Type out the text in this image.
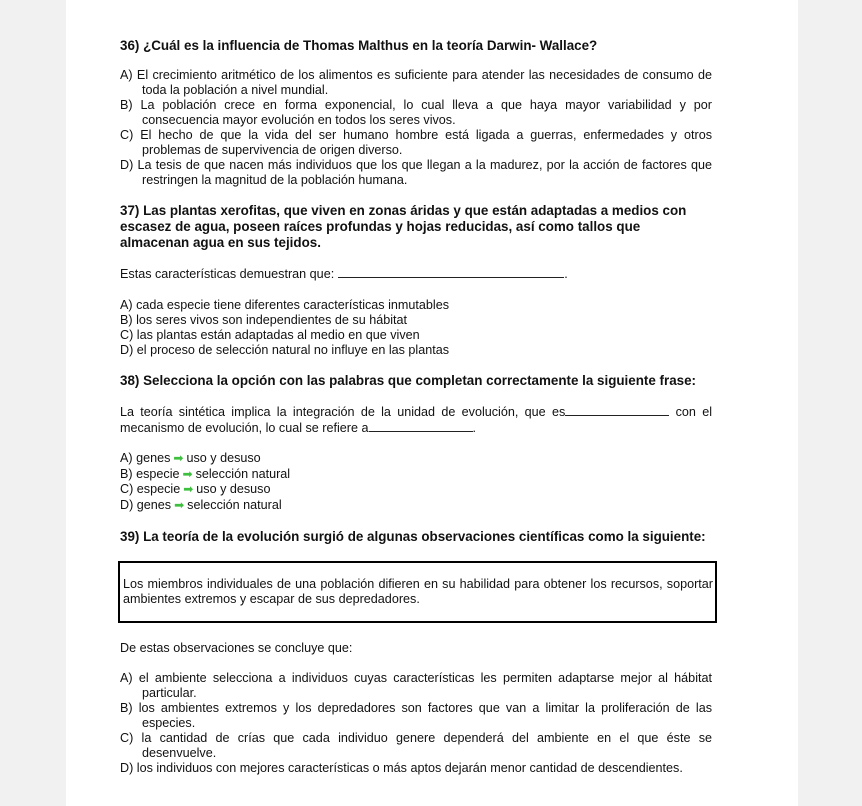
36) ¿Cuál es la influencia de Thomas Malthus en la teoría Darwin- Wallace?

A) El crecimiento aritmético de los alimentos es suficiente para atender las necesidades de consumo de toda la población a nivel mundial.

B) La población crece en forma exponencial, lo cual lleva a que haya mayor variabilidad y por consecuencia mayor evolución en todos los seres vivos.

C) El hecho de que la vida del ser humano hombre está ligada a guerras, enfermedades y otros problemas de supervivencia de origen diverso.

D) La tesis de que nacen más individuos que los que llegan a la madurez, por la acción de factores que restringen la magnitud de la población humana.

37) Las plantas xerofitas, que viven en zonas áridas y que están adaptadas a medios con escasez de agua, poseen raíces profundas y hojas reducidas, así como tallos que almacenan agua en sus tejidos.

Estas características demuestran que:	.

A) cada especie tiene diferentes características inmutables

B) los seres vivos son independientes de su hábitat

C) las plantas están adaptadas al medio en que viven

D) el proceso de selección natural no influye en las plantas

38) Selecciona la opción con las palabras que completan correctamente la siguiente frase:

La teoría sintética implica la integración de la unidad de evolución, que es	con el mecanismo de evolución, lo cual se refiere a	.

A) genes ➡ uso y desuso

B) especie ➡ selección natural

C) especie ➡ uso y desuso

D) genes ➡ selección natural

39) La teoría de la evolución surgió de algunas observaciones científicas como la siguiente:

Los miembros individuales de una población difieren en su habilidad para obtener los recursos, soportar ambientes extremos y escapar de sus depredadores.

De estas observaciones se concluye que:

A) el ambiente selecciona a individuos cuyas características les permiten adaptarse mejor al hábitat particular.

B) los ambientes extremos y los depredadores son factores que van a limitar la proliferación de las especies.

C) la cantidad de crías que cada individuo genere dependerá del ambiente en el que éste se desenvuelve.

D) los individuos con mejores características o más aptos dejarán menor cantidad de descendientes.
